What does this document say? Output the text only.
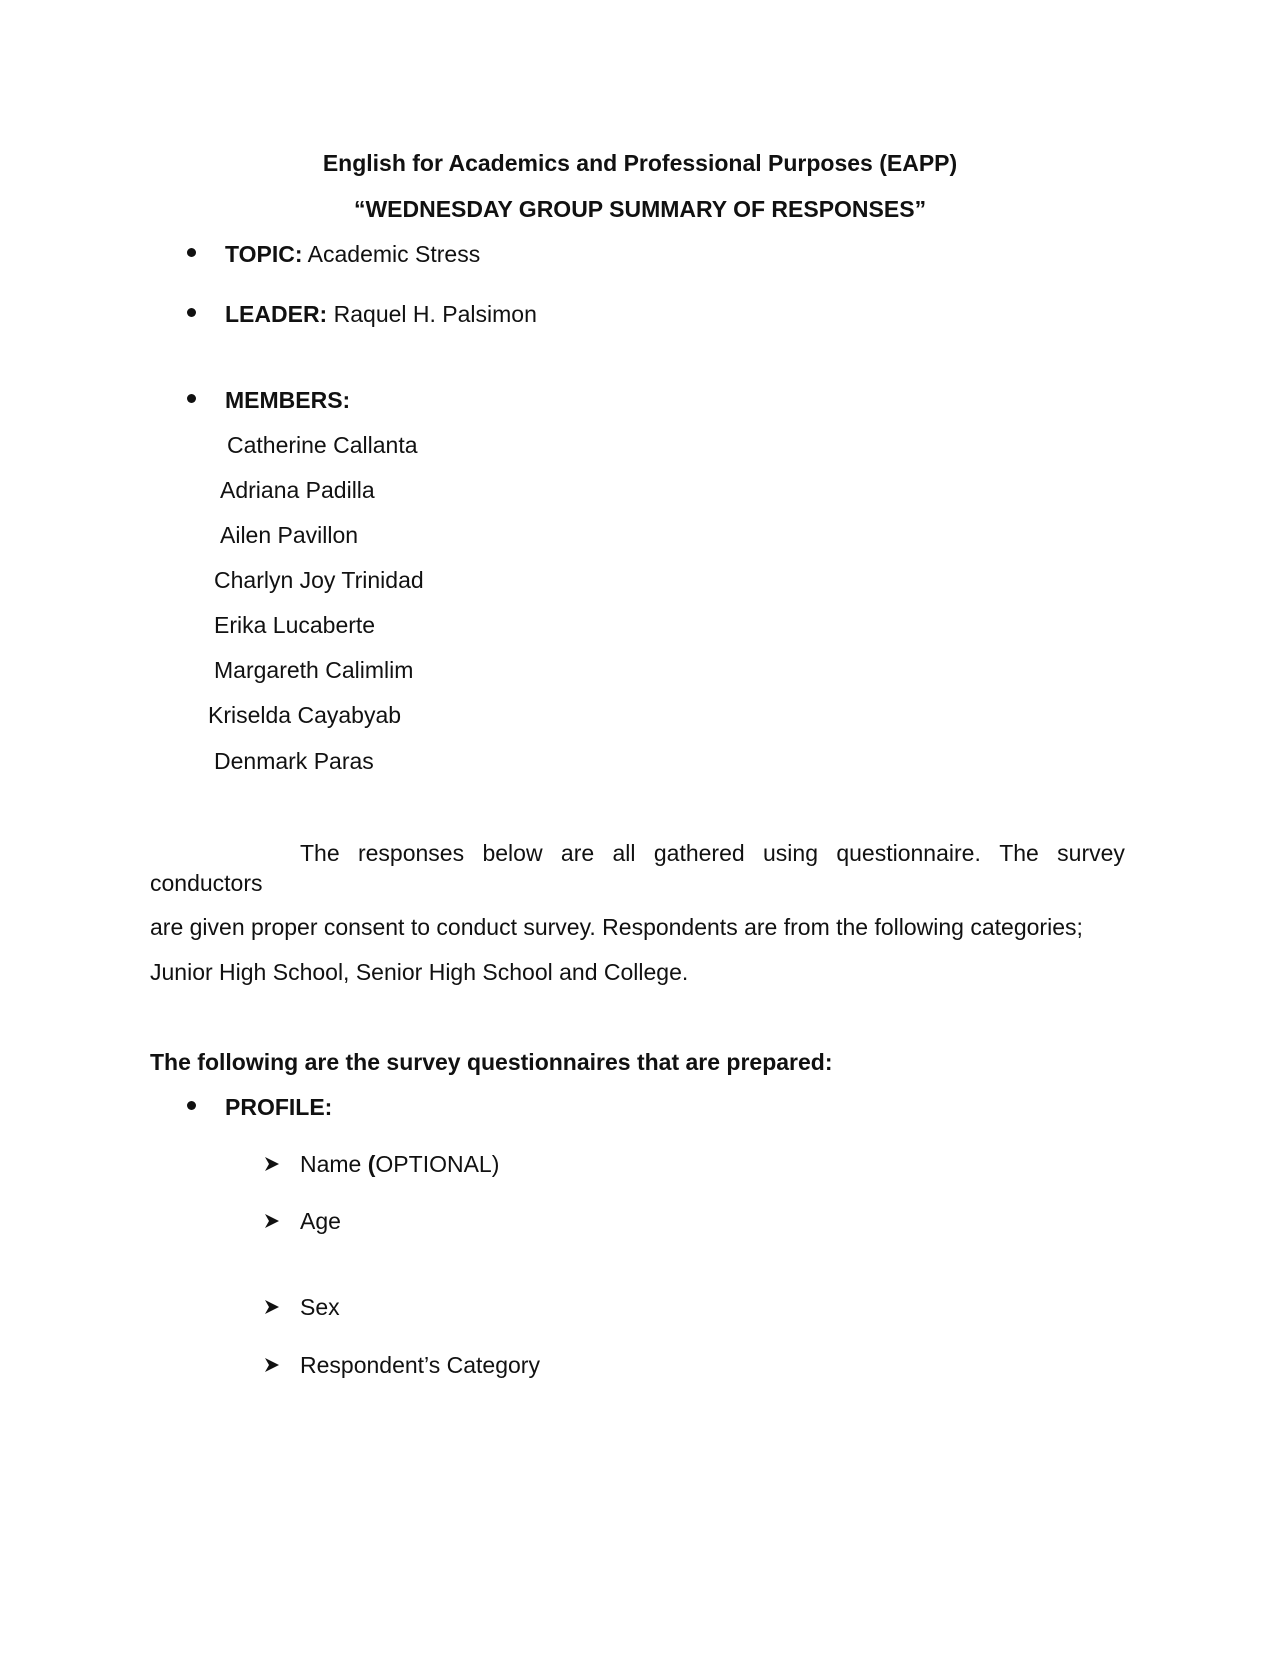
English for Academics and Professional Purposes (EAPP)
“WEDNESDAY GROUP SUMMARY OF RESPONSES”
TOPIC: Academic Stress
LEADER: Raquel H. Palsimon
MEMBERS:
Catherine Callanta
Adriana Padilla
Ailen Pavillon
Charlyn Joy Trinidad
Erika Lucaberte
Margareth Calimlim
Kriselda Cayabyab
Denmark Paras
The responses below are all gathered using questionnaire. The survey
conductors
are given proper consent to conduct survey. Respondents are from the following categories;
Junior High School, Senior High School and College.
The following are the survey questionnaires that are prepared:
PROFILE:
Name (OPTIONAL)
Age
Sex
Respondent’s Category
